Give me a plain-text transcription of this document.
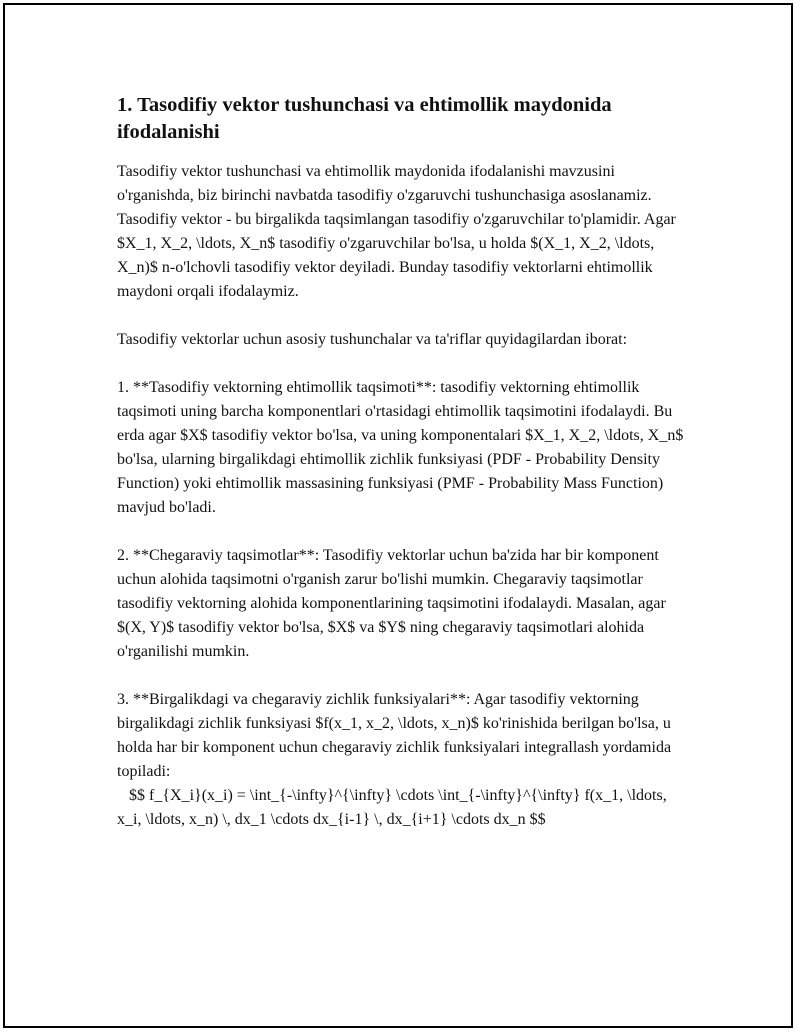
1. Tasodifiy vektor tushunchasi va ehtimollik maydonida ifodalanishi

Tasodifiy vektor tushunchasi va ehtimollik maydonida ifodalanishi mavzusini o'rganishda, biz birinchi navbatda tasodifiy o'zgaruvchi tushunchasiga asoslanamiz. Tasodifiy vektor - bu birgalikda taqsimlangan tasodifiy o'zgaruvchilar to'plamidir. Agar $X_1, X_2, \ldots, X_n$ tasodifiy o'zgaruvchilar bo'lsa, u holda $(X_1, X_2, \ldots, X_n)$ n-o'lchovli tasodifiy vektor deyiladi. Bunday tasodifiy vektorlarni ehtimollik maydoni orqali ifodalaymiz.

Tasodifiy vektorlar uchun asosiy tushunchalar va ta'riflar quyidagilardan iborat:

1. **Tasodifiy vektorning ehtimollik taqsimoti**: tasodifiy vektorning ehtimollik taqsimoti uning barcha komponentlari o'rtasidagi ehtimollik taqsimotini ifodalaydi. Bu erda agar $X$ tasodifiy vektor bo'lsa, va uning komponentalari $X_1, X_2, \ldots, X_n$ bo'lsa, ularning birgalikdagi ehtimollik zichlik funksiyasi (PDF - Probability Density Function) yoki ehtimollik massasining funksiyasi (PMF - Probability Mass Function) mavjud bo'ladi.

2. **Chegaraviy taqsimotlar**: Tasodifiy vektorlar uchun ba'zida har bir komponent uchun alohida taqsimotni o'rganish zarur bo'lishi mumkin. Chegaraviy taqsimotlar tasodifiy vektorning alohida komponentlarining taqsimotini ifodalaydi. Masalan, agar $(X, Y)$ tasodifiy vektor bo'lsa, $X$ va $Y$ ning chegaraviy taqsimotlari alohida o'rganilishi mumkin.

3. **Birgalikdagi va chegaraviy zichlik funksiyalari**: Agar tasodifiy vektorning birgalikdagi zichlik funksiyasi $f(x_1, x_2, \ldots, x_n)$ ko'rinishida berilgan bo'lsa, u holda har bir komponent uchun chegaraviy zichlik funksiyalari integrallash yordamida topiladi:
$$ f_{X_i}(x_i) = \int_{-\infty}^{\infty} \cdots \int_{-\infty}^{\infty} f(x_1, \ldots, x_i, \ldots, x_n) \, dx_1 \cdots dx_{i-1} \, dx_{i+1} \cdots dx_n $$
